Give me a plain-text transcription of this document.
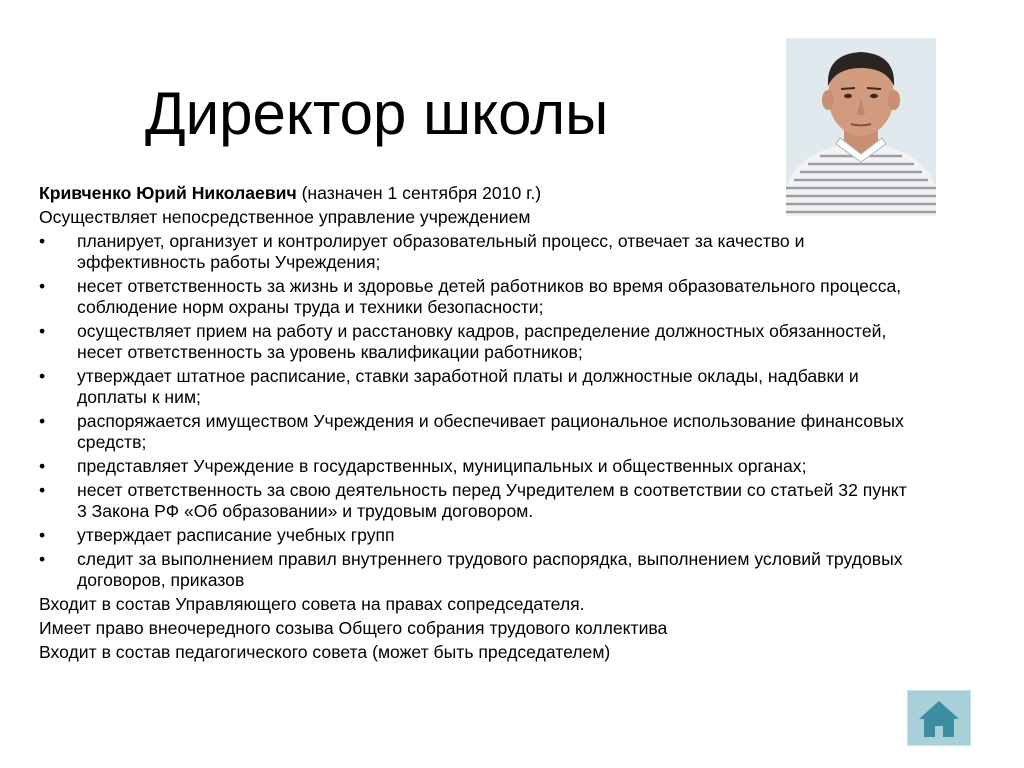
Директор школы
Кривченко Юрий Николаевич (назначен 1 сентября 2010 г.)
Осуществляет непосредственное управление учреждением
• планирует, организует и контролирует образовательный процесс, отвечает за качество и эффективность работы Учреждения;
• несет ответственность за жизнь и здоровье детей работников во время образовательного процесса, соблюдение норм охраны труда и техники безопасности;
• осуществляет прием на работу и расстановку кадров, распределение должностных обязанностей, несет ответственность за уровень квалификации работников;
• утверждает штатное расписание, ставки заработной платы и должностные оклады, надбавки и доплаты к ним;
• распоряжается имуществом Учреждения и обеспечивает рациональное использование финансовых средств;
• представляет Учреждение в государственных, муниципальных и общественных органах;
• несет ответственность за свою деятельность перед Учредителем в соответствии со статьей 32 пункт 3 Закона РФ «Об образовании» и трудовым договором.
• утверждает расписание учебных групп
• следит за выполнением правил внутреннего трудового распорядка, выполнением условий трудовых договоров, приказов
Входит в состав Управляющего совета на правах сопредседателя.
Имеет право внеочередного созыва Общего собрания трудового коллектива
Входит в состав педагогического совета (может быть председателем)
